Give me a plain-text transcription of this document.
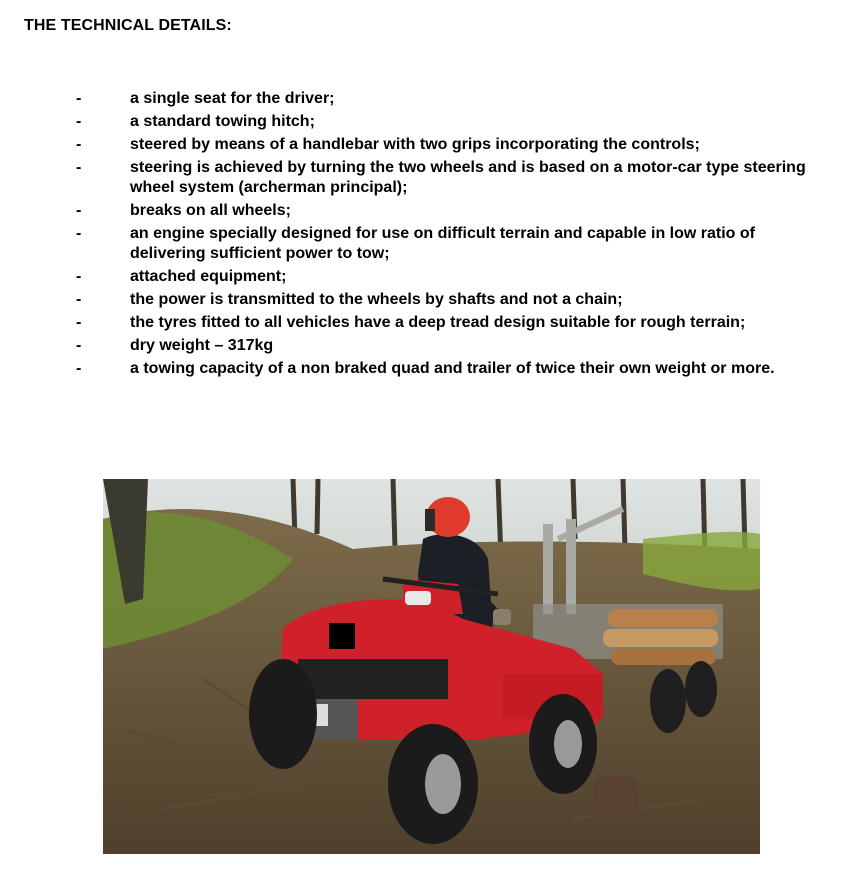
THE TECHNICAL DETAILS:
-	a single seat for the driver;
-	a standard towing hitch;
-	steered by means of a handlebar with two grips incorporating the controls;
-	steering is achieved by turning the two wheels and is based on a motor-car type steering wheel system (archerman principal);
-	breaks on all wheels;
-	an engine specially designed for use on difficult terrain and capable in low ratio of delivering sufficient power to tow;
-	attached equipment;
-	the power is transmitted to the wheels by shafts and not a chain;
-	the tyres fitted to all vehicles have a deep tread design suitable for rough terrain;
-	dry weight – 317kg
-	a towing capacity of a non braked quad and trailer of twice their own weight or more.
